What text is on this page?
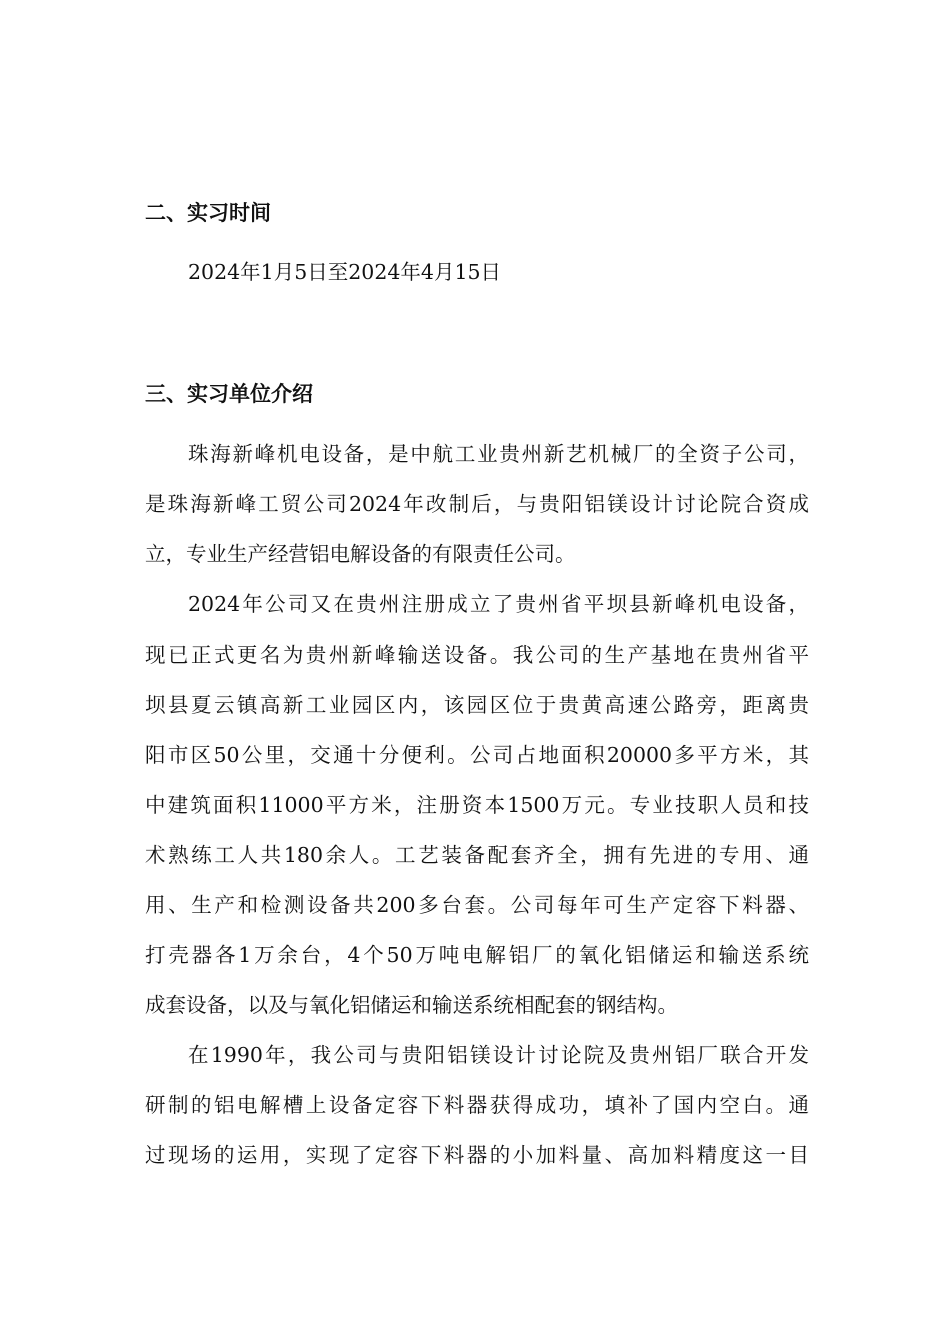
二、实习时间
2024年1月5日至2024年4月15日
三、实习单位介绍
珠海新峰机电设备，是中航工业贵州新艺机械厂的全资子公司，
是珠海新峰工贸公司2024年改制后，与贵阳铝镁设计讨论院合资成
立，专业生产经营铝电解设备的有限责任公司。
2024年公司又在贵州注册成立了贵州省平坝县新峰机电设备，
现已正式更名为贵州新峰输送设备。我公司的生产基地在贵州省平
坝县夏云镇高新工业园区内，该园区位于贵黄高速公路旁，距离贵
阳市区50公里，交通十分便利。公司占地面积20000多平方米，其
中建筑面积11000平方米，注册资本1500万元。专业技职人员和技
术熟练工人共180余人。工艺装备配套齐全，拥有先进的专用、通
用、生产和检测设备共200多台套。公司每年可生产定容下料器、
打壳器各1万余台，4个50万吨电解铝厂的氧化铝储运和输送系统
成套设备，以及与氧化铝储运和输送系统相配套的钢结构。
在1990年，我公司与贵阳铝镁设计讨论院及贵州铝厂联合开发
研制的铝电解槽上设备定容下料器获得成功，填补了国内空白。通
过现场的运用，实现了定容下料器的小加料量、高加料精度这一目
